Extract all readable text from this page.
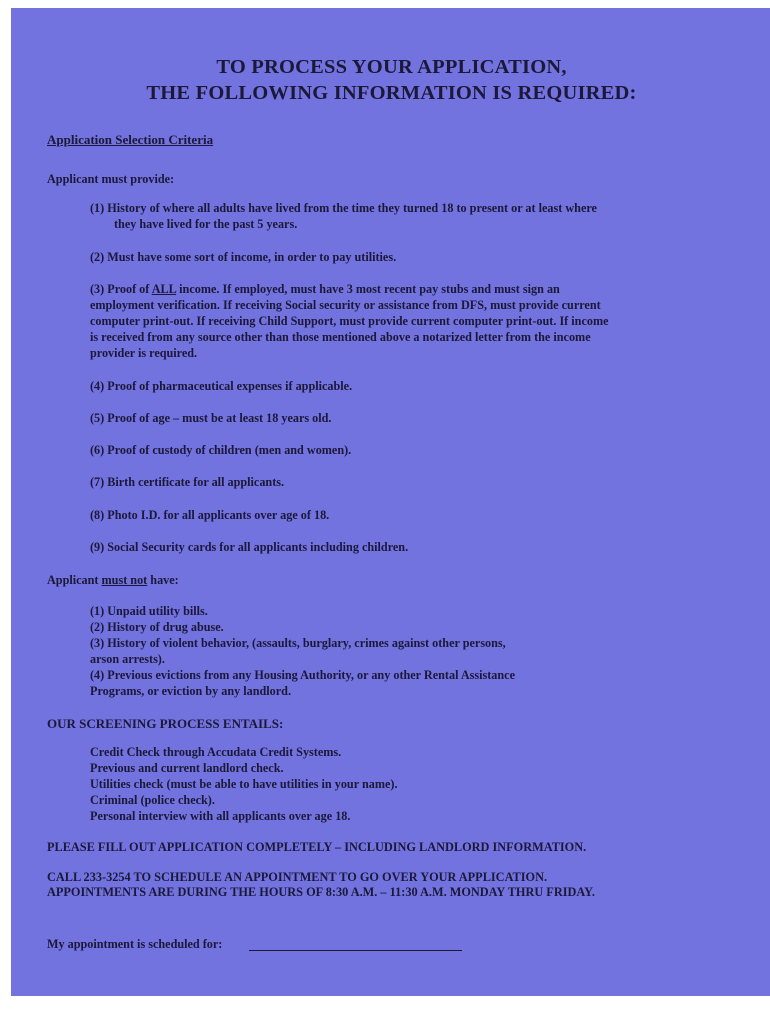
TO PROCESS YOUR APPLICATION,
THE FOLLOWING INFORMATION IS REQUIRED:
Application Selection Criteria
Applicant must provide:
(1) History of where all adults have lived from the time they turned 18 to present or at least where
they have lived for the past 5 years.
(2) Must have some sort of income, in order to pay utilities.
(3) Proof of ALL income. If employed, must have 3 most recent pay stubs and must sign an
employment verification. If receiving Social security or assistance from DFS, must provide current
computer print-out. If receiving Child Support, must provide current computer print-out. If income
is received from any source other than those mentioned above a notarized letter from the income
provider is required.
(4) Proof of pharmaceutical expenses if applicable.
(5) Proof of age – must be at least 18 years old.
(6) Proof of custody of children (men and women).
(7) Birth certificate for all applicants.
(8) Photo I.D. for all applicants over age of 18.
(9) Social Security cards for all applicants including children.
Applicant must not have:
(1) Unpaid utility bills.
(2) History of drug abuse.
(3) History of violent behavior, (assaults, burglary, crimes against other persons,
arson arrests).
(4) Previous evictions from any Housing Authority, or any other Rental Assistance
Programs, or eviction by any landlord.
OUR SCREENING PROCESS ENTAILS:
Credit Check through Accudata Credit Systems.
Previous and current landlord check.
Utilities check (must be able to have utilities in your name).
Criminal (police check).
Personal interview with all applicants over age 18.
PLEASE FILL OUT APPLICATION COMPLETELY – INCLUDING LANDLORD INFORMATION.
CALL 233-3254 TO SCHEDULE AN APPOINTMENT TO GO OVER YOUR APPLICATION.
APPOINTMENTS ARE DURING THE HOURS OF 8:30 A.M. – 11:30 A.M. MONDAY THRU FRIDAY.
My appointment is scheduled for:
